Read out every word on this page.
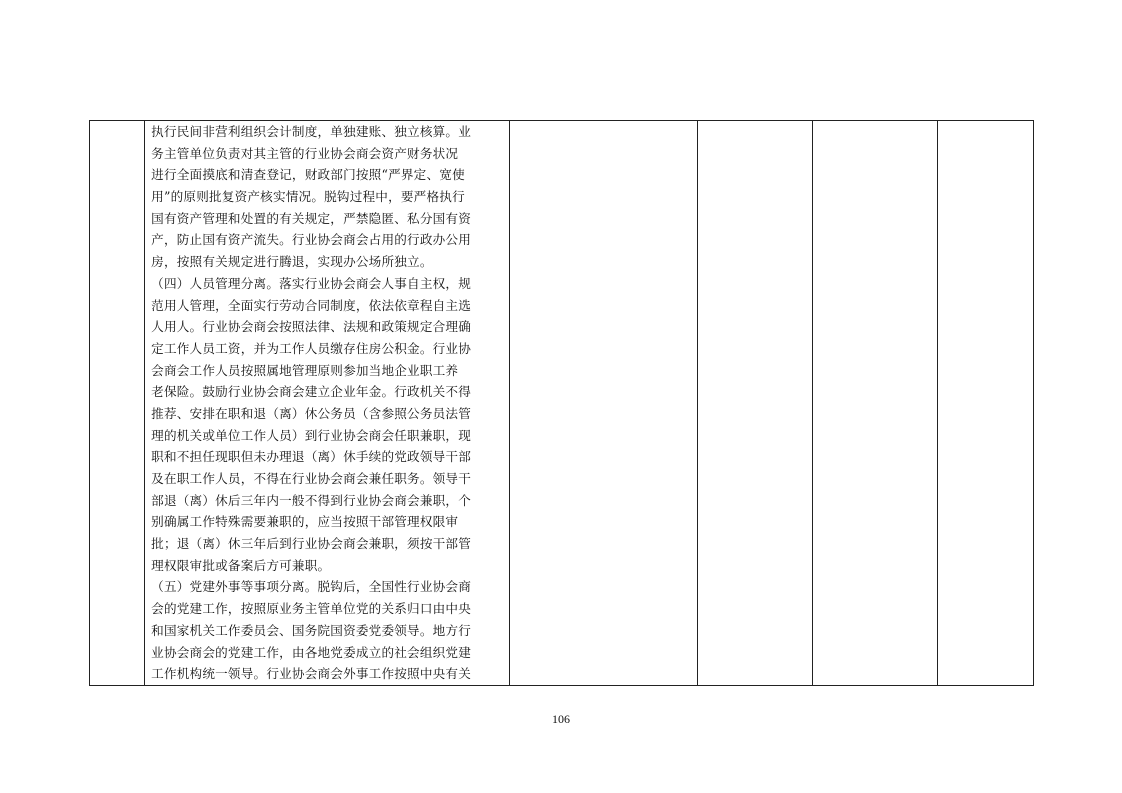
执行民间非营利组织会计制度，单独建账、独立核算。业
务主管单位负责对其主管的行业协会商会资产财务状况
进行全面摸底和清查登记，财政部门按照“严界定、宽使
用”的原则批复资产核实情况。脱钩过程中，要严格执行
国有资产管理和处置的有关规定，严禁隐匿、私分国有资
产，防止国有资产流失。行业协会商会占用的行政办公用
房，按照有关规定进行腾退，实现办公场所独立。
（四）人员管理分离。落实行业协会商会人事自主权，规
范用人管理，全面实行劳动合同制度，依法依章程自主选
人用人。行业协会商会按照法律、法规和政策规定合理确
定工作人员工资，并为工作人员缴存住房公积金。行业协
会商会工作人员按照属地管理原则参加当地企业职工养
老保险。鼓励行业协会商会建立企业年金。行政机关不得
推荐、安排在职和退（离）休公务员（含参照公务员法管
理的机关或单位工作人员）到行业协会商会任职兼职，现
职和不担任现职但未办理退（离）休手续的党政领导干部
及在职工作人员，不得在行业协会商会兼任职务。领导干
部退（离）休后三年内一般不得到行业协会商会兼职，个
别确属工作特殊需要兼职的，应当按照干部管理权限审
批；退（离）休三年后到行业协会商会兼职，须按干部管
理权限审批或备案后方可兼职。
（五）党建外事等事项分离。脱钩后，全国性行业协会商
会的党建工作，按照原业务主管单位党的关系归口由中央
和国家机关工作委员会、国务院国资委党委领导。地方行
业协会商会的党建工作，由各地党委成立的社会组织党建
工作机构统一领导。行业协会商会外事工作按照中央有关

106
